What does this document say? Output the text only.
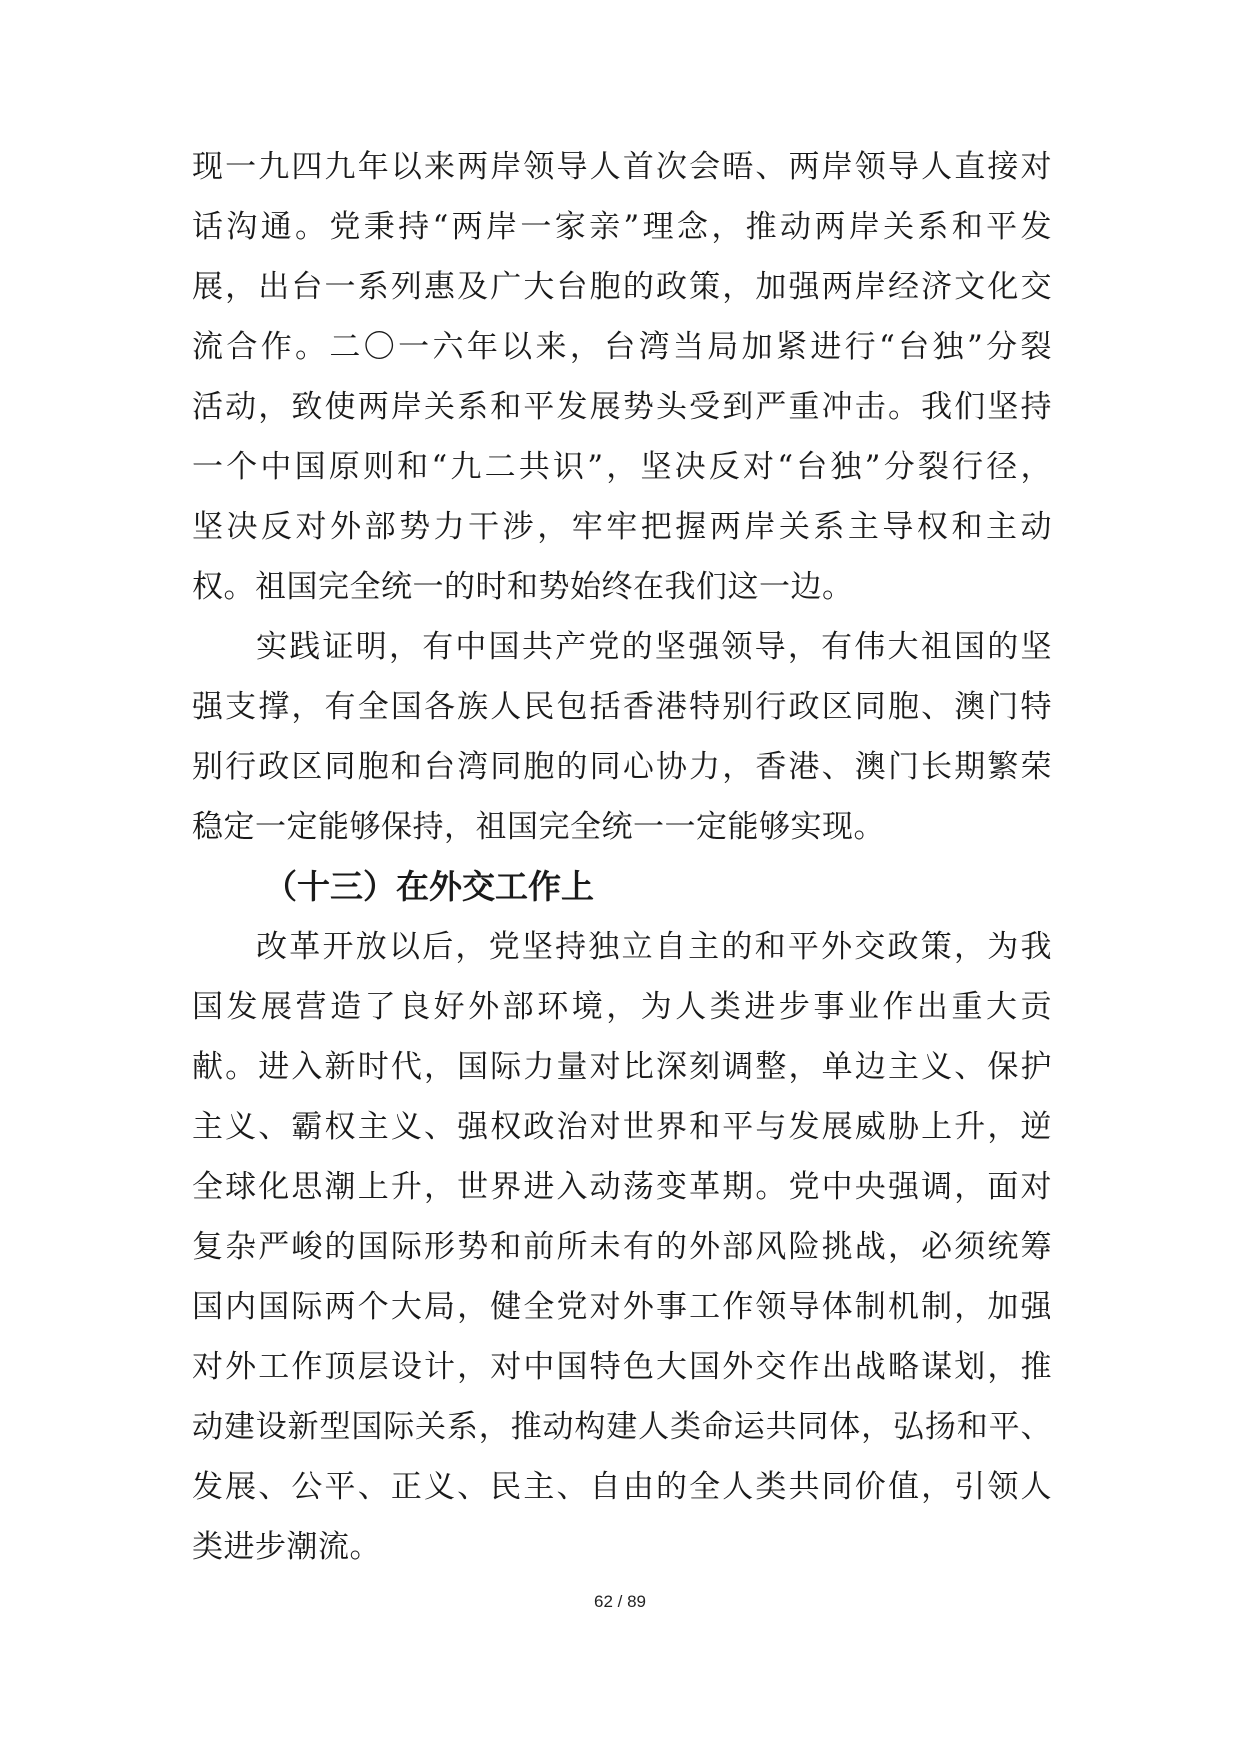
现一九四九年以来两岸领导人首次会晤、两岸领导人直接对
话沟通。党秉持“两岸一家亲”理念，推动两岸关系和平发
展，出台一系列惠及广大台胞的政策，加强两岸经济文化交
流合作。二〇一六年以来，台湾当局加紧进行“台独”分裂
活动，致使两岸关系和平发展势头受到严重冲击。我们坚持
一个中国原则和“九二共识”，坚决反对“台独”分裂行径，
坚决反对外部势力干涉，牢牢把握两岸关系主导权和主动
权。祖国完全统一的时和势始终在我们这一边。
实践证明，有中国共产党的坚强领导，有伟大祖国的坚
强支撑，有全国各族人民包括香港特别行政区同胞、澳门特
别行政区同胞和台湾同胞的同心协力，香港、澳门长期繁荣
稳定一定能够保持，祖国完全统一一定能够实现。
（十三）在外交工作上
改革开放以后，党坚持独立自主的和平外交政策，为我
国发展营造了良好外部环境，为人类进步事业作出重大贡
献。进入新时代，国际力量对比深刻调整，单边主义、保护
主义、霸权主义、强权政治对世界和平与发展威胁上升，逆
全球化思潮上升，世界进入动荡变革期。党中央强调，面对
复杂严峻的国际形势和前所未有的外部风险挑战，必须统筹
国内国际两个大局，健全党对外事工作领导体制机制，加强
对外工作顶层设计，对中国特色大国外交作出战略谋划，推
动建设新型国际关系，推动构建人类命运共同体，弘扬和平、
发展、公平、正义、民主、自由的全人类共同价值，引领人
类进步潮流。
62 / 89
